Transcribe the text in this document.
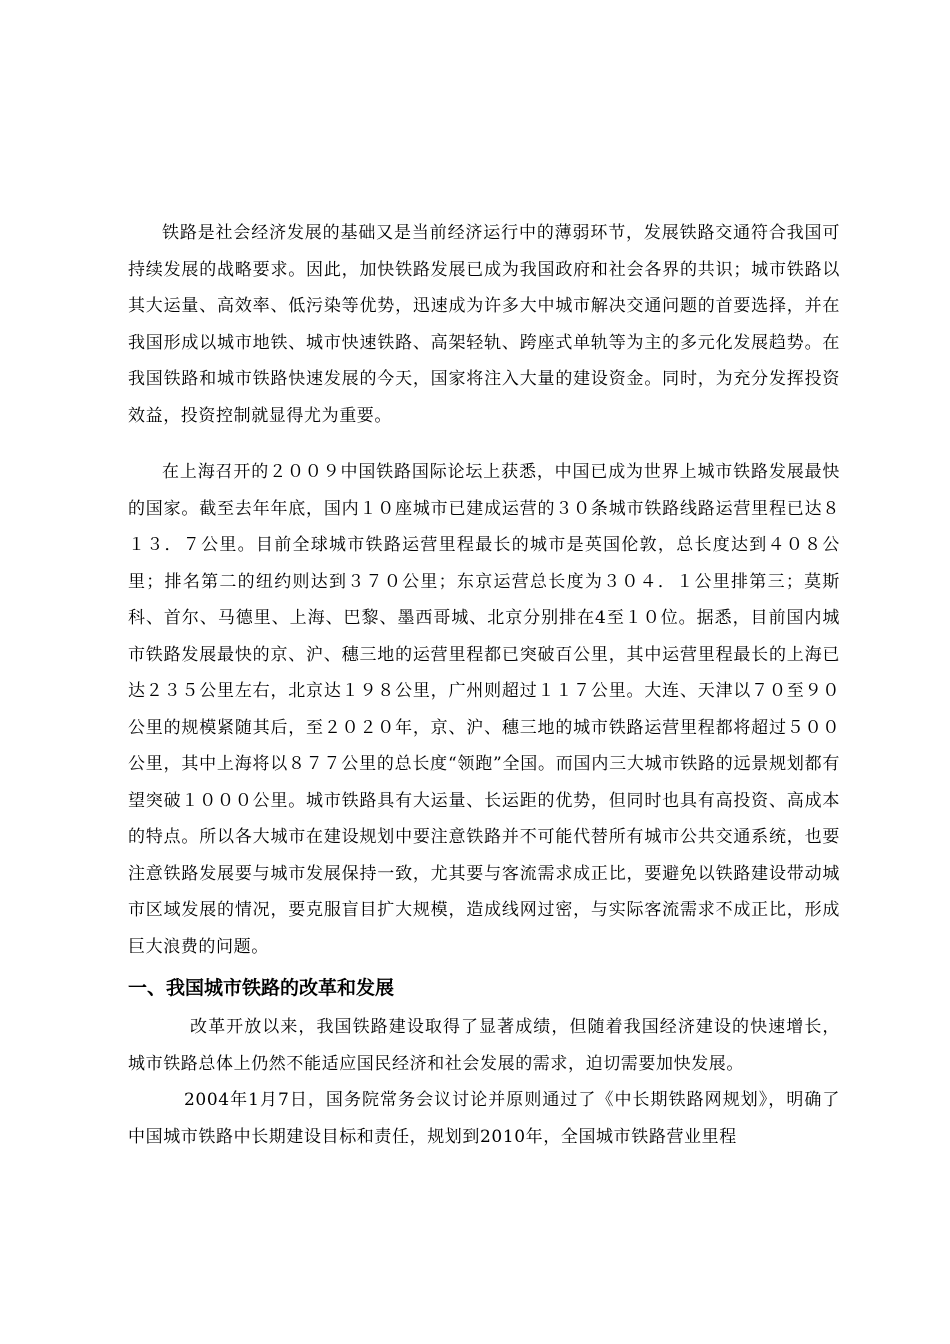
铁路是社会经济发展的基础又是当前经济运行中的薄弱环节，发展铁路交通符合我国可持续发展的战略要求。因此，加快铁路发展已成为我国政府和社会各界的共识；城市铁路以其大运量、高效率、低污染等优势，迅速成为许多大中城市解决交通问题的首要选择，并在我国形成以城市地铁、城市快速铁路、高架轻轨、跨座式单轨等为主的多元化发展趋势。在我国铁路和城市铁路快速发展的今天，国家将注入大量的建设资金。同时，为充分发挥投资效益，投资控制就显得尤为重要。

在上海召开的２００９中国铁路国际论坛上获悉，中国已成为世界上城市铁路发展最快的国家。截至去年年底，国内１０座城市已建成运营的３０条城市铁路线路运营里程已达８１３．７公里。目前全球城市铁路运营里程最长的城市是英国伦敦，总长度达到４０８公里；排名第二的纽约则达到３７０公里；东京运营总长度为３０４．１公里排第三；莫斯科、首尔、马德里、上海、巴黎、墨西哥城、北京分别排在4至１０位。据悉，目前国内城市铁路发展最快的京、沪、穗三地的运营里程都已突破百公里，其中运营里程最长的上海已达２３５公里左右，北京达１９８公里，广州则超过１１７公里。大连、天津以７０至９０公里的规模紧随其后，至２０２０年，京、沪、穗三地的城市铁路运营里程都将超过５００公里，其中上海将以８７７公里的总长度“领跑”全国。而国内三大城市铁路的远景规划都有望突破１０００公里。城市铁路具有大运量、长运距的优势，但同时也具有高投资、高成本的特点。所以各大城市在建设规划中要注意铁路并不可能代替所有城市公共交通系统，也要注意铁路发展要与城市发展保持一致，尤其要与客流需求成正比，要避免以铁路建设带动城市区域发展的情况，要克服盲目扩大规模，造成线网过密，与实际客流需求不成正比，形成巨大浪费的问题。

一、我国城市铁路的改革和发展

改革开放以来，我国铁路建设取得了显著成绩，但随着我国经济建设的快速增长，城市铁路总体上仍然不能适应国民经济和社会发展的需求，迫切需要加快发展。

2004年1月7日，国务院常务会议讨论并原则通过了《中长期铁路网规划》，明确了中国城市铁路中长期建设目标和责任，规划到2010年，全国城市铁路营业里程
